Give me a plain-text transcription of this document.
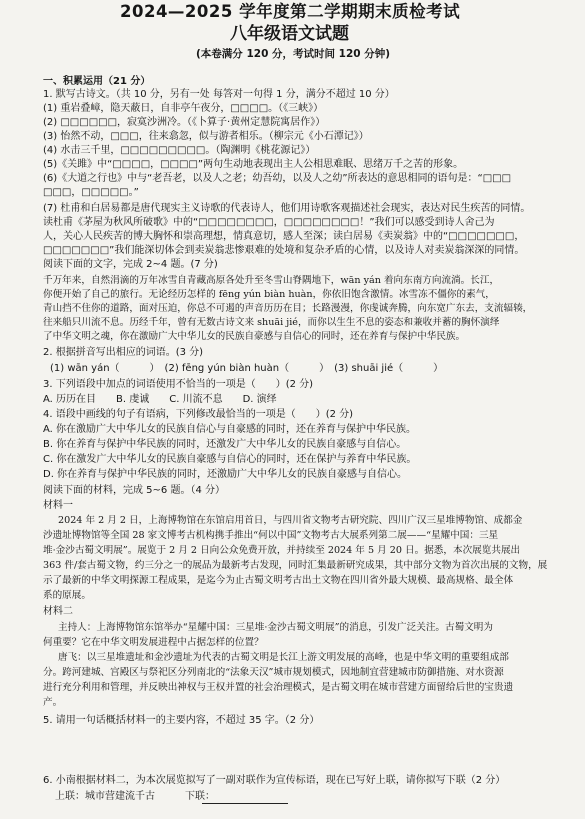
2024—2025 学年度第二学期期末质检考试
八年级语文试题
(本卷满分 120 分，考试时间 120 分钟)
一、积累运用（21 分）
1. 默写古诗文。（共 10 分，另有一处 每答对一句得 1 分，满分不超过 10 分）
(1) 重岩叠嶂，隐天蔽日，自非亭午夜分，□□□□。（《三峡》）
(2) □□□□□□，寂寞沙洲冷。（《卜算子·黄州定慧院寓居作》）
(3) 怡然不动，□□□，往来翕忽，似与游者相乐。（柳宗元《小石潭记》）
(4) 水击三千里，□□□□□□□□□。（陶渊明《桃花源记》）
(5)《关雎》中“□□□□，□□□□”两句生动地表现出主人公相思难眠、思绪万千之苦的形象。
(6)《大道之行也》中与“老吾老，以及人之老；幼吾幼，以及人之幼”所表达的意思相同的语句是：“□□□
□□□，□□□□□。”
(7) 杜甫和白居易都是唐代现实主义诗歌的代表诗人，他们用诗歌客观描述社会现实，表达对民生疾苦的同情。
读杜甫《茅屋为秋风所破歌》中的“□□□□□□□□，□□□□□□□□！”我们可以感受到诗人舍己为
人，关心人民疾苦的博大胸怀和崇高理想，情真意切，感人至深；读白居易《卖炭翁》中的“□□□□□□□，
□□□□□□□”我们能深切体会到卖炭翁悲惨艰难的处境和复杂矛盾的心情，以及诗人对卖炭翁深深的同情。
阅读下面的文字，完成 2~4 题。(7 分)
千万年来，自然涓滴的万年冰雪自青藏高原各处升至冬雪山脊隅地下，wān yán 着向东南方向流淌。长江，
你便开始了自己的旅行。无论经历怎样的 fēng yún biàn huàn，你依旧饱含激情。冰雪冻不僵你的素气，
青山挡不住你的道路，面对压迫，你总不可遏的声音历历在目；长路漫漫，你虔诚奔腾，向东宽广东去，支流辐辏，
往来船只川流不息。历经千年，曾有无数古诗文来 shuāi jié，而你以生生不息的姿态和兼收并蓄的胸怀演绎
了中华文明之魂，你在激励广大中华儿女的民族自豪感与自信心的同时，还在养育与保护中华民族。
2. 根据拼音写出相应的词语。(3 分)
(1) wān yán（　　　）　(2) fēng yún biàn huàn（　　　）　(3) shuāi jié（　　　）
3. 下列语段中加点的词语使用不恰当的一项是（　　）(2 分)
A. 历历在目　　B. 虔诚　　C. 川流不息　　D. 演绎
4. 语段中画线的句子有语病，下列修改最恰当的一项是（　　）(2 分)
A. 你在激励广大中华儿女的民族自信心与自豪感的同时，还在养育与保护中华民族。
B. 你在养育与保护中华民族的同时，还激发广大中华儿女的民族自豪感与自信心。
C. 你在激发广大中华儿女的民族自豪感与自信心的同时，还在保护与养育中华民族。
D. 你在养育与保护中华民族的同时，还激励广大中华儿女的民族自豪感与自信心。
阅读下面的材料，完成 5~6 题。（4 分）
材料一
2024 年 2 月 2 日，上海博物馆在东馆启用首日，与四川省文物考古研究院、四川广汉三星堆博物馆、成都金
沙遗址博物馆等全国 28 家文博考古机构携手推出“何以中国”文物考古大展系列第二展——“星耀中国：三星
堆·金沙古蜀文明展”。展览于 2 月 2 日向公众免费开放，并持续至 2024 年 5 月 20 日。据悉，本次展览共展出
363 件/套古蜀文物，约三分之一的展品为最新考古发现，同时汇集最新研究成果，其中部分文物为首次出展的文物，展
示了最新的中华文明探源工程成果，是迄今为止古蜀文明考古出土文物在四川省外最大规模、最高规格、最全体
系的原展。
材料二
主持人：上海博物馆东馆举办“星耀中国：三星堆·金沙古蜀文明展”的消息，引发广泛关注。古蜀文明为
何重要？它在中华文明发展进程中占据怎样的位置？
唐飞：以三星堆遗址和金沙遗址为代表的古蜀文明是长江上游文明发展的高峰，也是中华文明的重要组成部
分。跨河建城、宫殿区与祭祀区分列南北的“法象天汉”城市规划模式，因地制宜营建城市防御措施、对水资源
进行充分利用和管理，并反映出神权与王权并置的社会治理模式，是古蜀文明在城市营建方面留给后世的宝贵遗
产。
5. 请用一句话概括材料一的主要内容，不超过 35 字。（2 分）
6. 小南根据材料二，为本次展览拟写了一副对联作为宣传标语，现在已写好上联，请你拟写下联（2 分）
上联：城市营建流千古　　　下联：
